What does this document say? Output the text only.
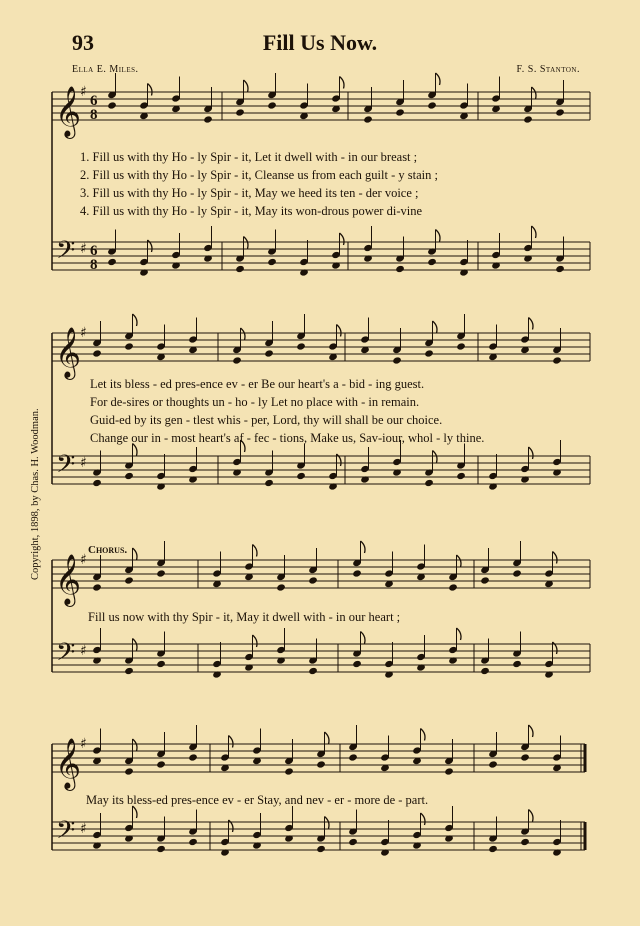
93	Fill Us Now.
Ella E. Miles.	F. S. Stanton.
Copyright, 1898, by Chas. H. Woodman.
𝄞
♯
6
8
𝄢 ♯ 6
8
𝄞
♯
𝄢 ♯
𝄞
♯
𝄢 ♯
𝄞
♯
𝄢 ♯
1. Fill us with thy Ho - ly Spir - it, Let it dwell with - in our breast ;
2. Fill us with thy Ho - ly Spir - it, Cleanse us from each guilt - y stain ;
3. Fill us with thy Ho - ly Spir - it, May we heed its ten - der voice ;
4. Fill us with thy Ho - ly Spir - it, May its won-drous power di-vine
Let its bless - ed pres-ence ev - er Be our heart's a - bid - ing guest.
For de-sires or thoughts un - ho - ly Let no place with - in remain.
Guid-ed by its gen - tlest whis - per, Lord, thy will shall be our choice.
Change our in - most heart's af - fec - tions, Make us, Sav-iour, whol - ly thine.
Chorus.
Fill us now with thy Spir - it, May it dwell with - in our heart ;
May its bless-ed pres-ence ev - er Stay, and nev - er - more de - part.
